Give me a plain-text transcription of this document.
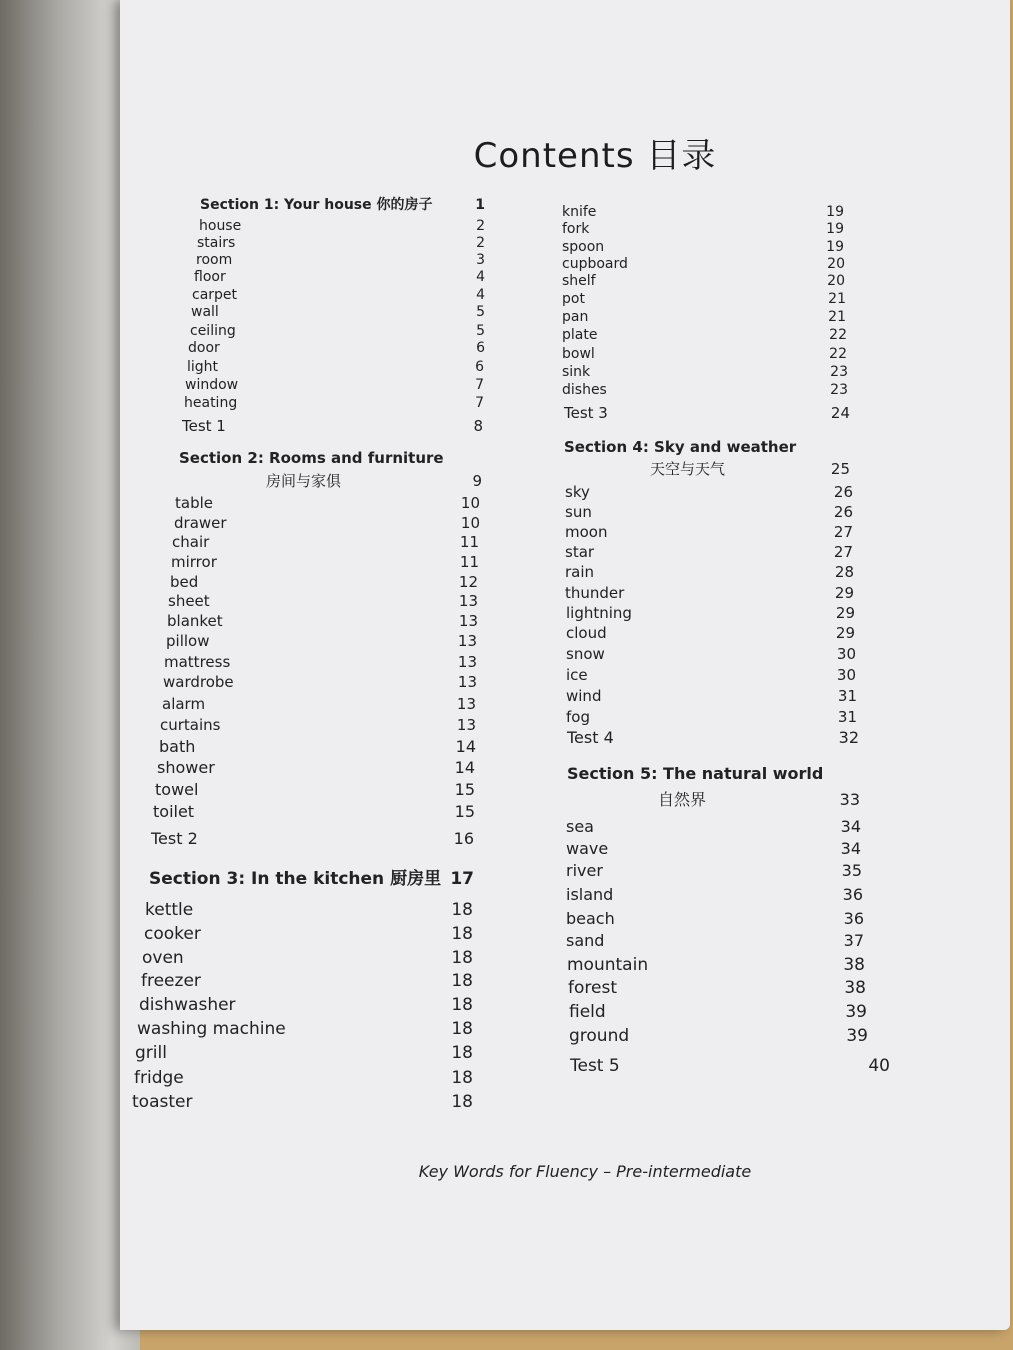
Contents 目录
Section 1: Your house 你的房子	1
house	2
stairs	2
room	3
floor	4
carpet	4
wall	5
ceiling	5
door	6
light	6
window	7
heating	7
Test 1	8
Section 2: Rooms and furniture
房间与家俱	9
table	10
drawer	10
chair	11
mirror	11
bed	12
sheet	13
blanket	13
pillow	13
mattress	13
wardrobe	13
alarm	13
curtains	13
bath	14
shower	14
towel	15
toilet	15
Test 2	16
Section 3: In the kitchen 厨房里 17
kettle	18
cooker	18
oven	18
freezer	18
dishwasher	18
washing machine	18
grill	18
fridge	18
toaster	18
knife	19
fork	19
spoon	19
cupboard	20
shelf	20
pot	21
pan	21
plate	22
bowl	22
sink	23
dishes	23
Test 3	24
Section 4: Sky and weather
天空与天气	25
sky	26
sun	26
moon	27
star	27
rain	28
thunder	29
lightning	29
cloud	29
snow	30
ice	30
wind	31
fog	31
Test 4	32
Section 5: The natural world
自然界	33
sea	34
wave	34
river	35
island	36
beach	36
sand	37
mountain	38
forest	38
field	39
ground	39
Test 5	40
Key Words for Fluency – Pre-intermediate
